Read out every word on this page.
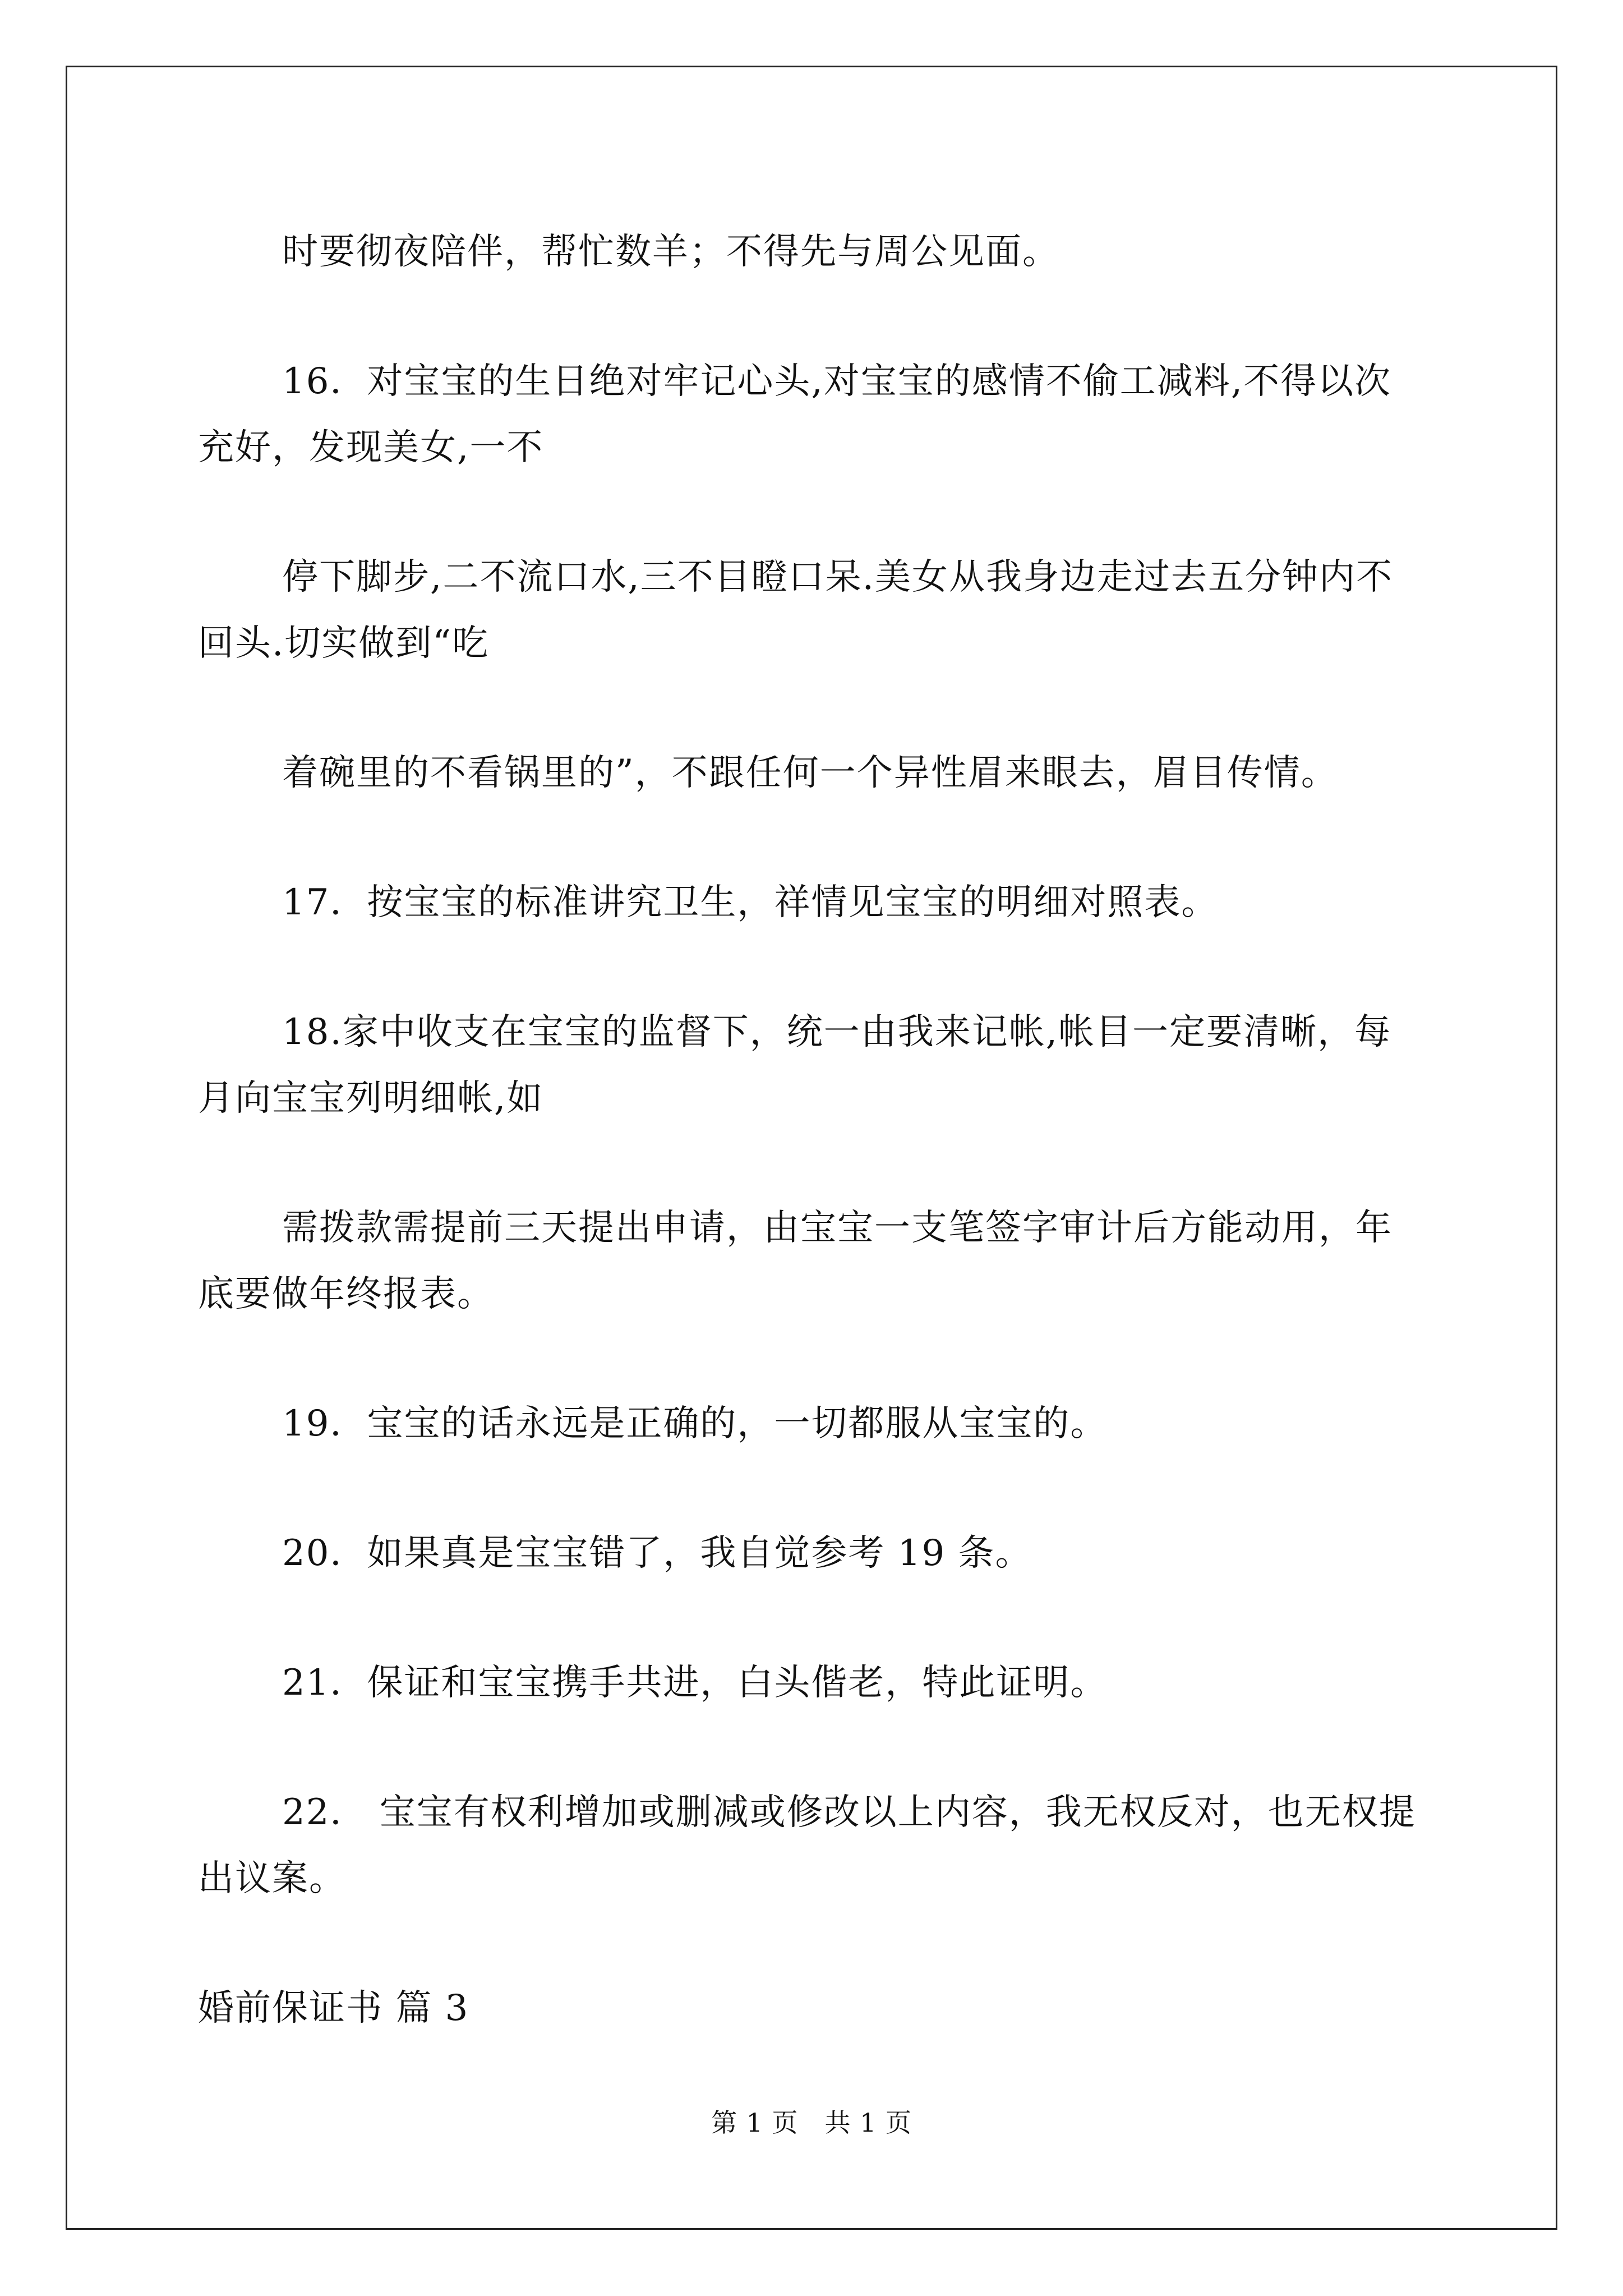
时要彻夜陪伴，帮忙数羊；不得先与周公见面。

16．对宝宝的生日绝对牢记心头,对宝宝的感情不偷工减料,不得以次充好，发现美女,一不

停下脚步,二不流口水,三不目瞪口呆.美女从我身边走过去五分钟内不回头.切实做到“吃

着碗里的不看锅里的”，不跟任何一个异性眉来眼去，眉目传情。

17．按宝宝的标准讲究卫生，祥情见宝宝的明细对照表。

18.家中收支在宝宝的监督下，统一由我来记帐,帐目一定要清晰，每月向宝宝列明细帐,如

需拨款需提前三天提出申请，由宝宝一支笔签字审计后方能动用，年底要做年终报表。

19．宝宝的话永远是正确的，一切都服从宝宝的。

20．如果真是宝宝错了，我自觉参考 19 条。

21．保证和宝宝携手共进，白头偕老，特此证明。

22． 宝宝有权利增加或删减或修改以上内容，我无权反对，也无权提出议案。

婚前保证书 篇 3

第 1 页　共 1 页
